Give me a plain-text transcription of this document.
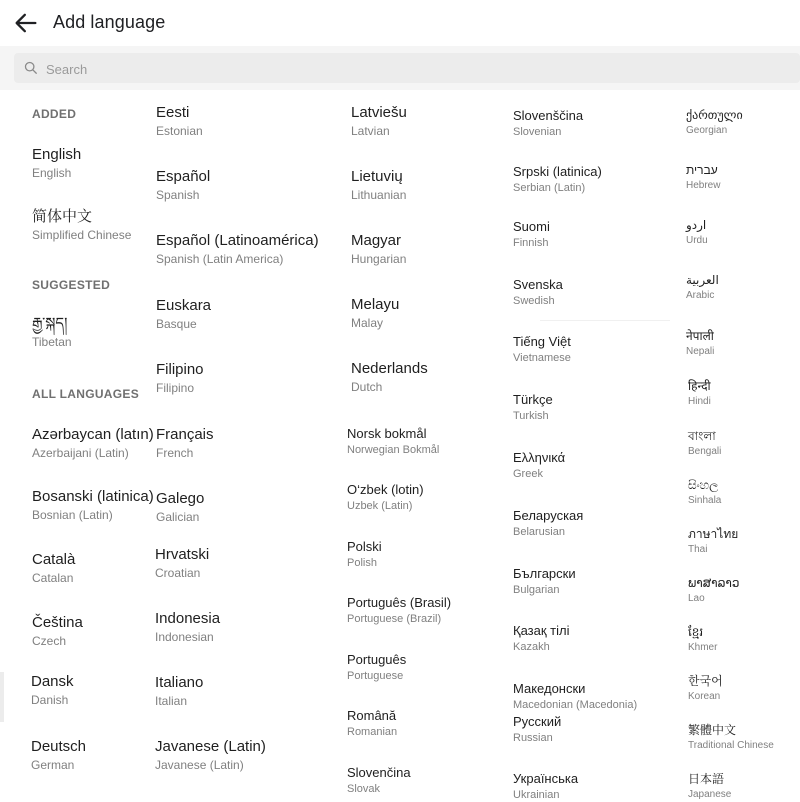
Add language
Search
ADDED
English
English
简体中文
Simplified Chinese
SUGGESTED
རྒྱ་སྐད།
Tibetan
ALL LANGUAGES
Azərbaycan (latın)
Azerbaijani (Latin)
Bosanski (latinica)
Bosnian (Latin)
Català
Catalan
Čeština
Czech
Dansk
Danish
Deutsch
German
Eesti
Estonian
Español
Spanish
Español (Latinoamérica)
Spanish (Latin America)
Euskara
Basque
Filipino
Filipino
Français
French
Galego
Galician
Hrvatski
Croatian
Indonesia
Indonesian
Italiano
Italian
Javanese (Latin)
Javanese (Latin)
Latviešu
Latvian
Lietuvių
Lithuanian
Magyar
Hungarian
Melayu
Malay
Nederlands
Dutch
Norsk bokmål
Norwegian Bokmål
O‘zbek (lotin)
Uzbek (Latin)
Polski
Polish
Português (Brasil)
Portuguese (Brazil)
Português
Portuguese
Română
Romanian
Slovenčina
Slovak
Slovenščina
Slovenian
Srpski (latinica)
Serbian (Latin)
Suomi
Finnish
Svenska
Swedish
Tiếng Việt
Vietnamese
Türkçe
Turkish
Ελληνικά
Greek
Беларуская
Belarusian
Български
Bulgarian
Қазақ тілі
Kazakh
Македонски
Macedonian (Macedonia)
Русский
Russian
Українська
Ukrainian
ქართული
Georgian
עברית
Hebrew
اردو
Urdu
العربية
Arabic
नेपाली
Nepali
हिन्दी
Hindi
বাংলা
Bengali
සිංහල
Sinhala
ภาษาไทย
Thai
ພາສາລາວ
Lao
ខ្មែរ
Khmer
한국어
Korean
繁體中文
Traditional Chinese
日本語
Japanese
